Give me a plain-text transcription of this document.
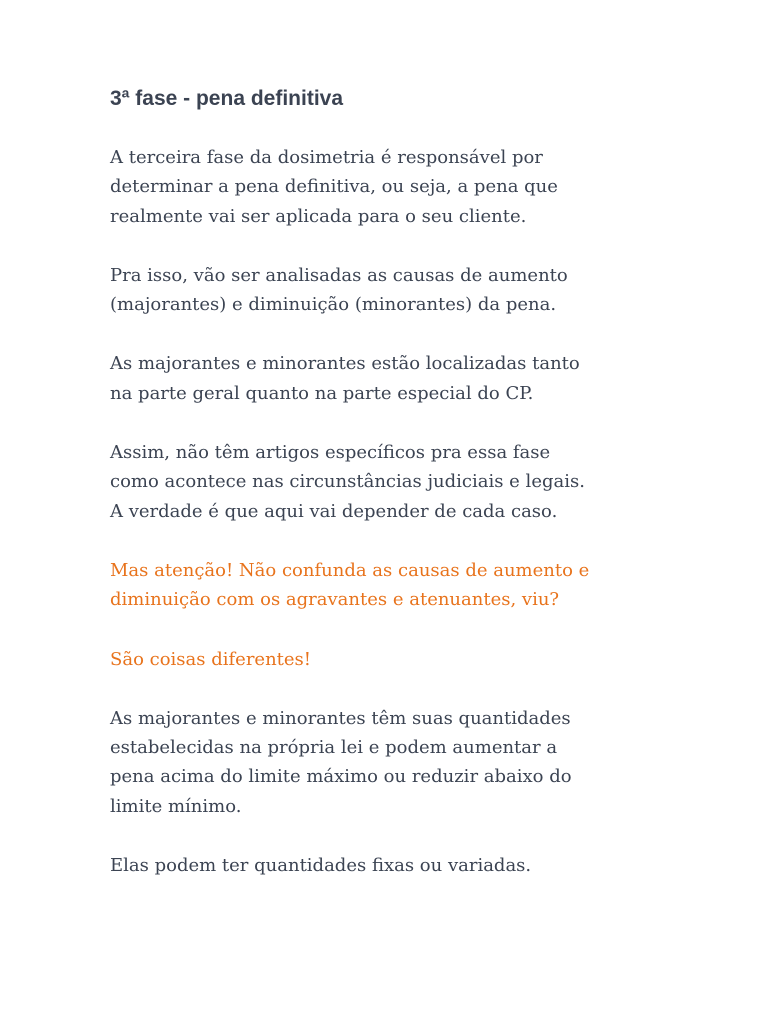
3ª fase - pena definitiva

A terceira fase da dosimetria é responsável por
determinar a pena definitiva, ou seja, a pena que
realmente vai ser aplicada para o seu cliente.

Pra isso, vão ser analisadas as causas de aumento
(majorantes) e diminuição (minorantes) da pena.

As majorantes e minorantes estão localizadas tanto
na parte geral quanto na parte especial do CP.

Assim, não têm artigos específicos pra essa fase
como acontece nas circunstâncias judiciais e legais.
A verdade é que aqui vai depender de cada caso.

Mas atenção! Não confunda as causas de aumento e
diminuição com os agravantes e atenuantes, viu?

São coisas diferentes!

As majorantes e minorantes têm suas quantidades
estabelecidas na própria lei e podem aumentar a
pena acima do limite máximo ou reduzir abaixo do
limite mínimo.

Elas podem ter quantidades fixas ou variadas.
